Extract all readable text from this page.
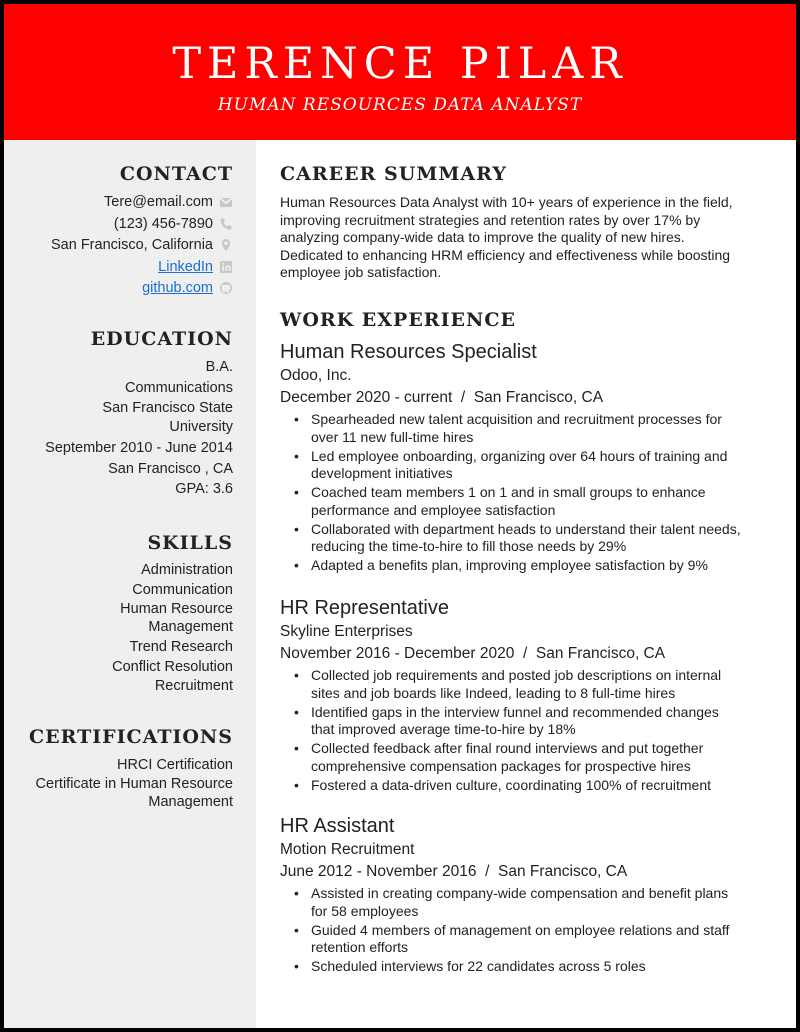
TERENCE PILAR
HUMAN RESOURCES DATA ANALYST
CONTACT
Tere@email.com
(123) 456-7890
San Francisco, California
LinkedIn
github.com
EDUCATION
B.A.
Communications
San Francisco State
University
September 2010 - June 2014
San Francisco , CA
GPA: 3.6
SKILLS
Administration
Communication
Human Resource
Management
Trend Research
Conflict Resolution
Recruitment
CERTIFICATIONS
HRCI Certification
Certificate in Human Resource
Management
CAREER SUMMARY

Human Resources Data Analyst with 10+ years of experience in the field, improving recruitment strategies and retention rates by over 17% by analyzing company-wide data to improve the quality of new hires. Dedicated to enhancing HRM efficiency and effectiveness while boosting employee job satisfaction.

WORK EXPERIENCE
Human Resources Specialist
Odoo, Inc.
December 2020 - current  /  San Francisco, CA
• Spearheaded new talent acquisition and recruitment processes for over 11 new full-time hires
• Led employee onboarding, organizing over 64 hours of training and development initiatives
• Coached team members 1 on 1 and in small groups to enhance performance and employee satisfaction
• Collaborated with department heads to understand their talent needs, reducing the time-to-hire to fill those needs by 29%
• Adapted a benefits plan, improving employee satisfaction by 9%
HR Representative
Skyline Enterprises
November 2016 - December 2020  /  San Francisco, CA
• Collected job requirements and posted job descriptions on internal sites and job boards like Indeed, leading to 8 full-time hires
• Identified gaps in the interview funnel and recommended changes that improved average time-to-hire by 18%
• Collected feedback after final round interviews and put together comprehensive compensation packages for prospective hires
• Fostered a data-driven culture, coordinating 100% of recruitment
HR Assistant
Motion Recruitment
June 2012 - November 2016  /  San Francisco, CA
• Assisted in creating company-wide compensation and benefit plans for 58 employees
• Guided 4 members of management on employee relations and staff retention efforts
• Scheduled interviews for 22 candidates across 5 roles
